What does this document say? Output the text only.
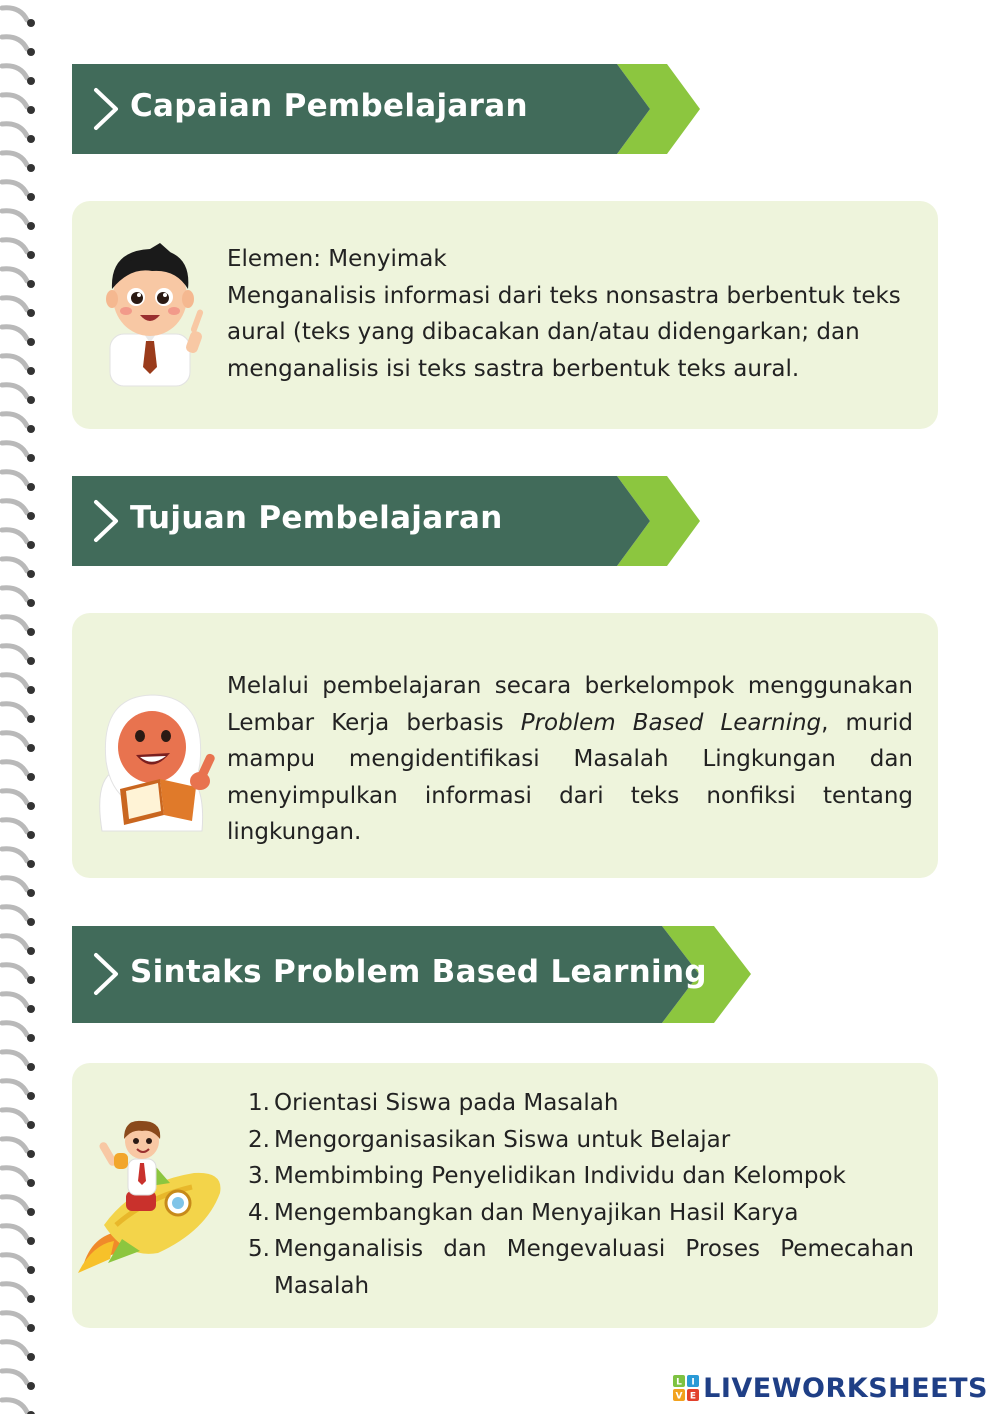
Capaian Pembelajaran

Elemen: Menyimak

Menganalisis informasi dari teks nonsastra berbentuk teks aural (teks yang dibacakan dan/atau didengarkan; dan menganalisis isi teks sastra berbentuk teks aural.

Tujuan Pembelajaran

Melalui pembelajaran secara berkelompok menggunakan Lembar Kerja berbasis Problem Based Learning, murid mampu mengidentifikasi Masalah Lingkungan dan menyimpulkan informasi dari teks nonfiksi tentang lingkungan.

Sintaks Problem Based Learning
1. Orientasi Siswa pada Masalah
2. Mengorganisasikan Siswa untuk Belajar
3. Membimbing Penyelidikan Individu dan Kelompok
4. Mengembangkan dan Menyajikan Hasil Karya
5. Menganalisis dan Mengevaluasi Proses Pemecahan Masalah
L I
V E LIVEWORKSHEETS
